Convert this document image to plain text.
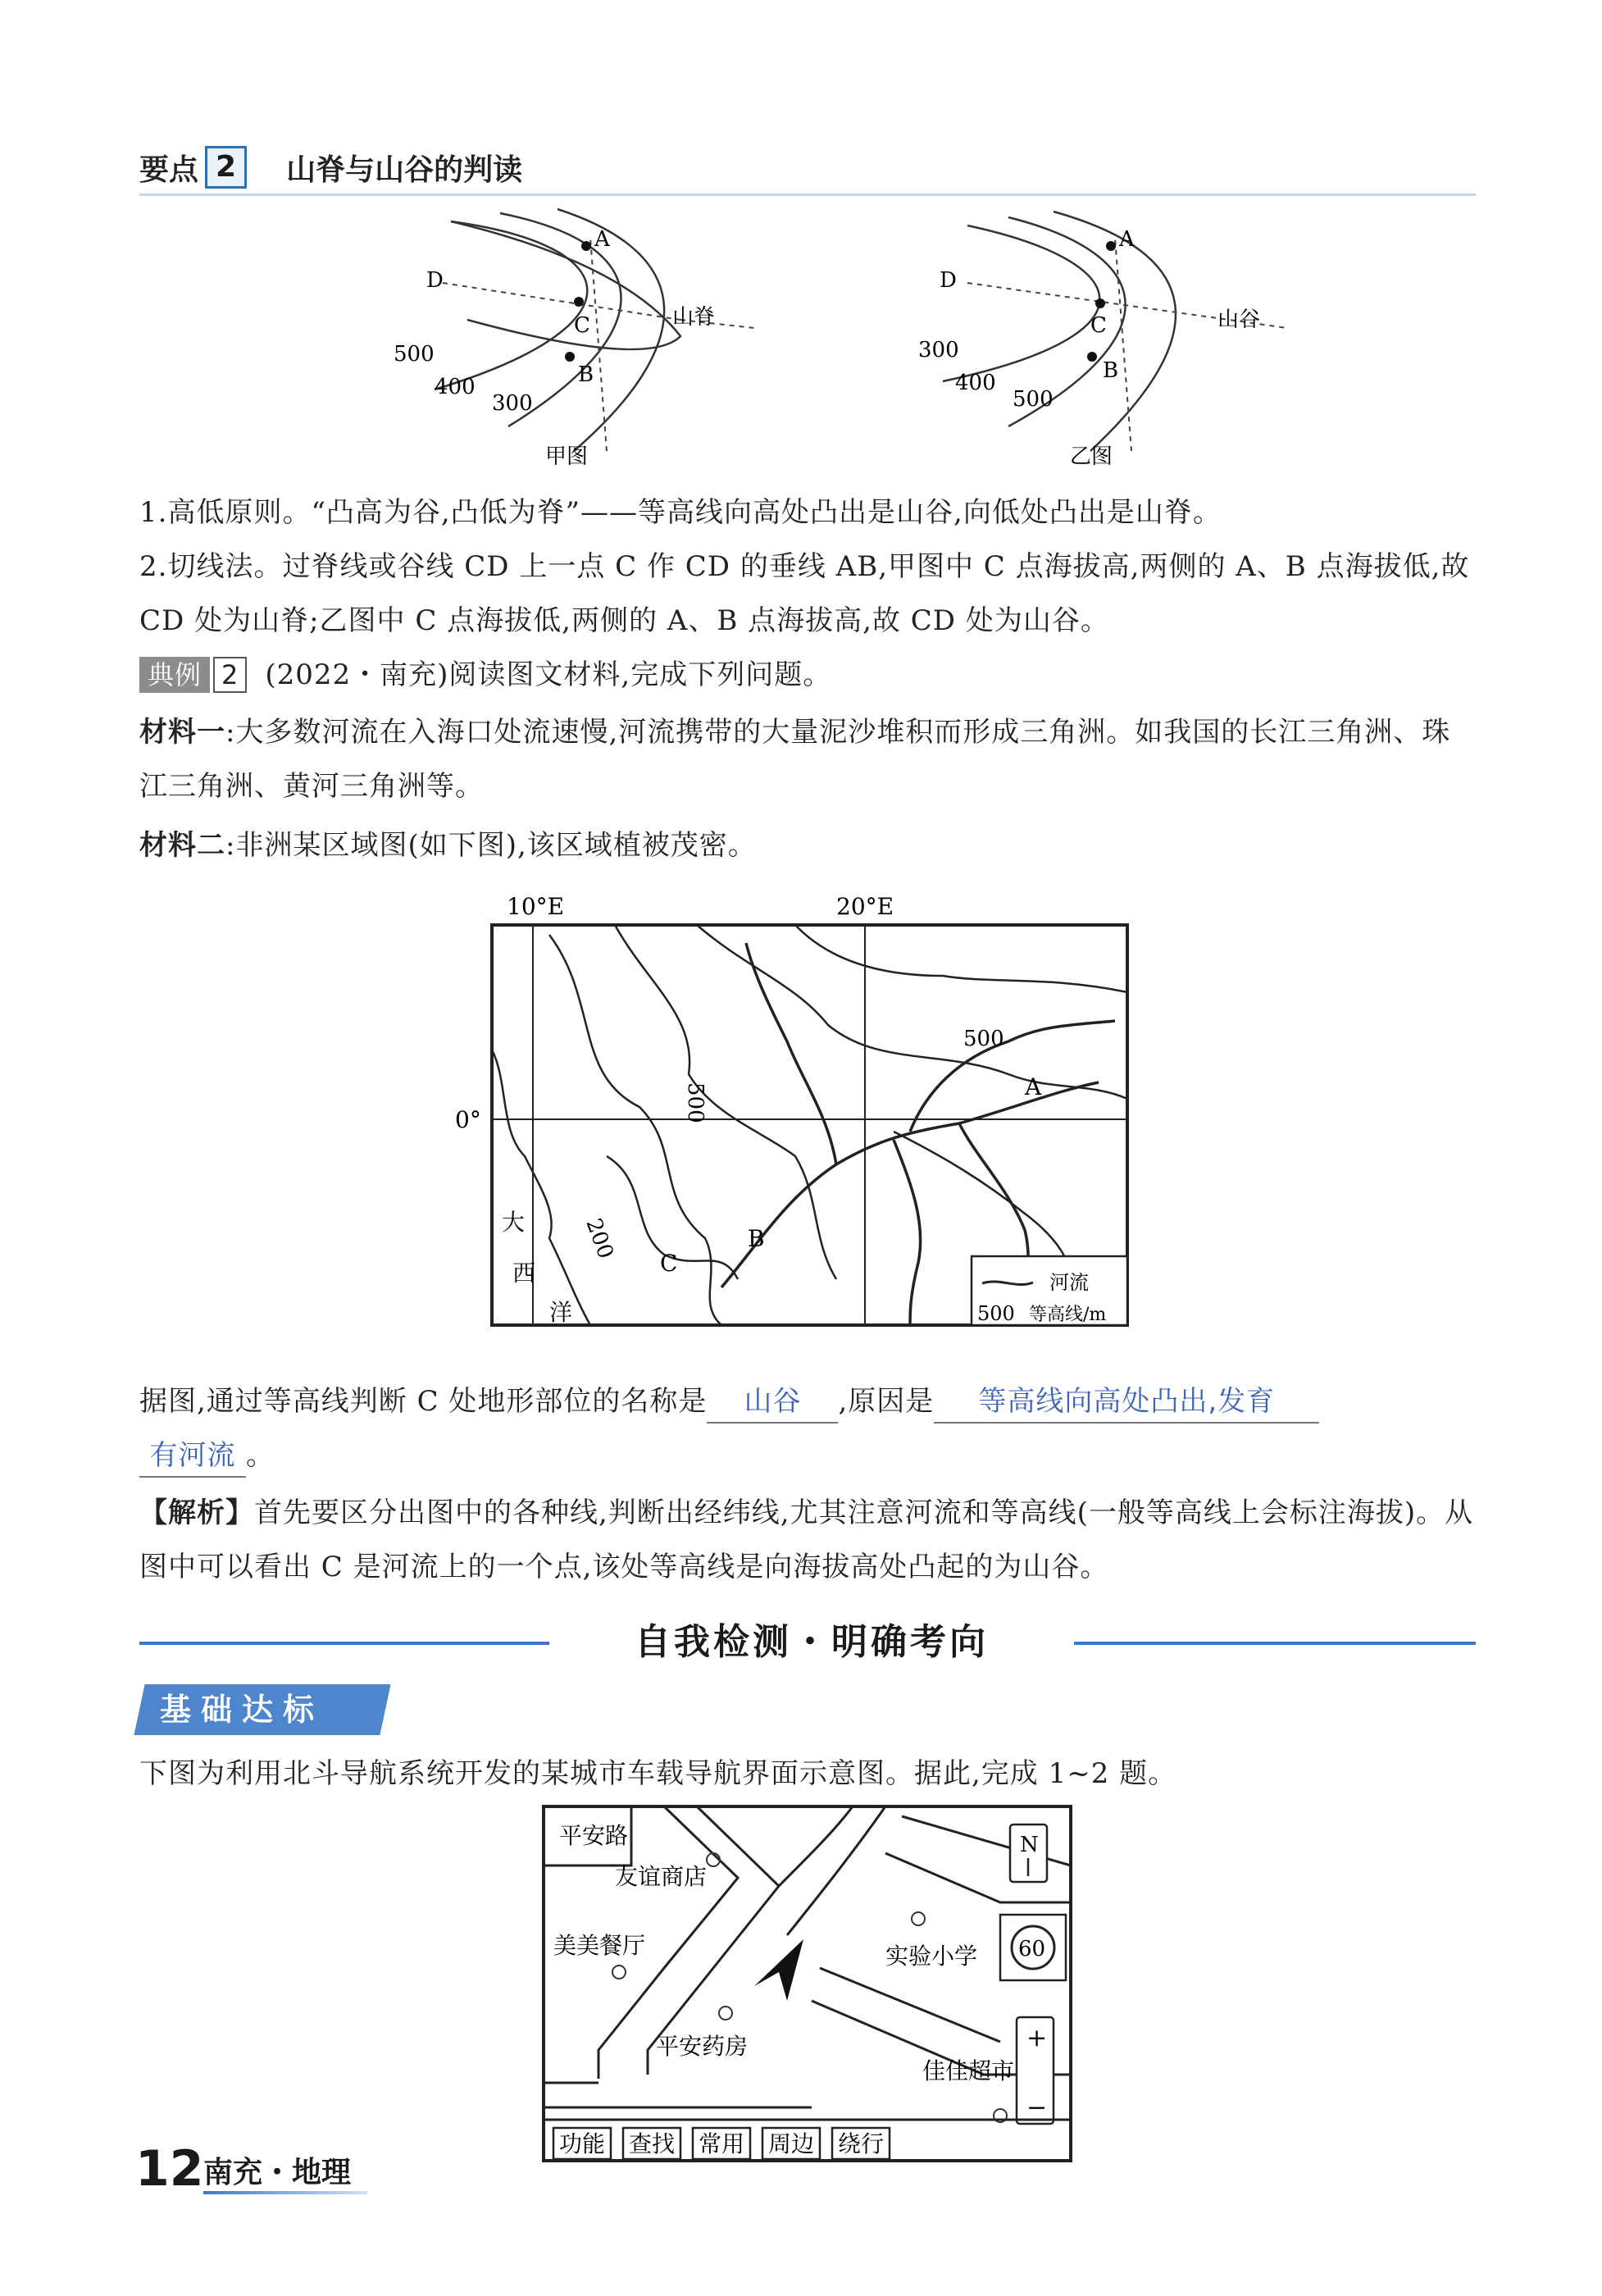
要点 2	山脊与山谷的判读
A
C
B
D
山脊
500
400
300
甲图
A
C
B
D
山谷
300
400
500
乙图
1.高低原则。“凸高为谷,凸低为脊”——等高线向高处凸出是山谷,向低处凸出是山脊。
2.切线法。过脊线或谷线 CD 上一点 C 作 CD 的垂线 AB,甲图中 C 点海拔高,两侧的 A、B 点海拔低,故 CD 处为山脊;乙图中 C 点海拔低,两侧的 A、B 点海拔高,故 CD 处为山谷。
典例 2 (2022・南充)阅读图文材料,完成下列问题。
材料一:大多数河流在入海口处流速慢,河流携带的大量泥沙堆积而形成三角洲。如我国的长江三角洲、珠江三角洲、黄河三角洲等。
材料二:非洲某区域图(如下图),该区域植被茂密。
10°E	20°E
0°
500
500
200
A
B
C
大
西
洋
河流
500 等高线/m
据图,通过等高线判断 C 处地形部位的名称是 山谷 ,原因是 等高线向高处凸出,发育
有河流 。
【解析】首先要区分出图中的各种线,判断出经纬线,尤其注意河流和等高线(一般等高线上会标注海拔)。从图中可以看出 C 是河流上的一个点,该处等高线是向海拔高处凸起的为山谷。
自我检测・明确考向
基础达标
下图为利用北斗导航系统开发的某城市车载导航界面示意图。据此,完成 1~2 题。
平安路
友谊商店
美美餐厅	实验小学
平安药房
佳佳超市
N
60
+
−
功能 查找 常用 周边 绕行
12 南充・地理
